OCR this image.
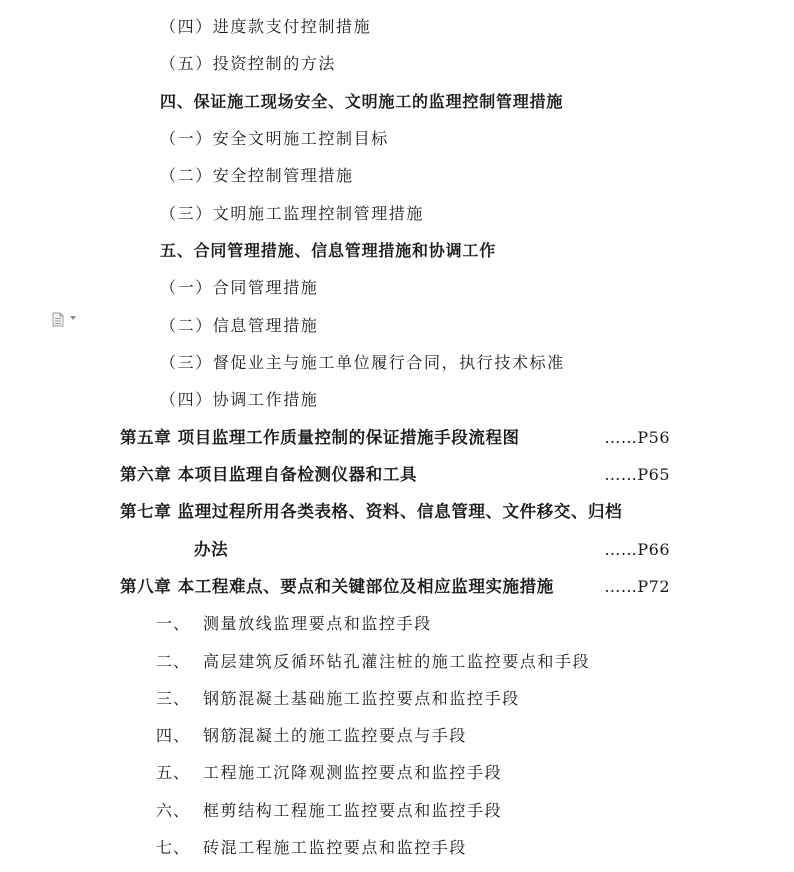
（四）进度款支付控制措施
（五）投资控制的方法
四、保证施工现场安全、文明施工的监理控制管理措施
（一）安全文明施工控制目标
（二）安全控制管理措施
（三）文明施工监理控制管理措施
五、合同管理措施、信息管理措施和协调工作
（一）合同管理措施
（二）信息管理措施
（三）督促业主与施工单位履行合同，执行技术标准
（四）协调工作措施
第五章 项目监理工作质量控制的保证措施手段流程图	……P56
第六章 本项目监理自备检测仪器和工具	……P65
第七章 监理过程所用各类表格、资料、信息管理、文件移交、归档
办法	……P66
第八章 本工程难点、要点和关键部位及相应监理实施措施	……P72
一、 测量放线监理要点和监控手段
二、 高层建筑反循环钻孔灌注桩的施工监控要点和手段
三、 钢筋混凝土基础施工监控要点和监控手段
四、 钢筋混凝土的施工监控要点与手段
五、 工程施工沉降观测监控要点和监控手段
六、 框剪结构工程施工监控要点和监控手段
七、 砖混工程施工监控要点和监控手段
